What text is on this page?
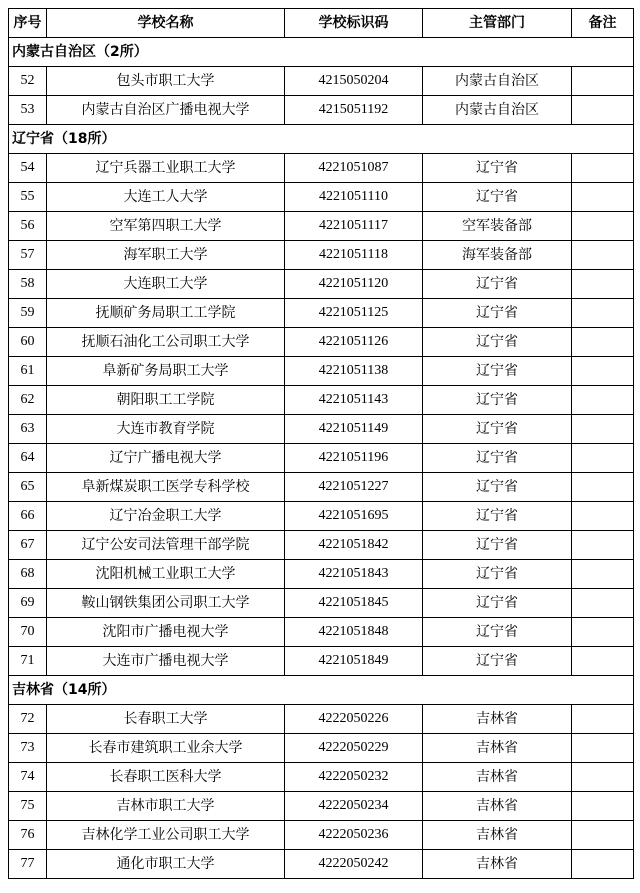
序号	学校名称	学校标识码	主管部门	备注
内蒙古自治区（2所）				
52	包头市职工大学	4215050204	内蒙古自治区	
53	内蒙古自治区广播电视大学	4215051192	内蒙古自治区	
辽宁省（18所）				
54	辽宁兵器工业职工大学	4221051087	辽宁省	
55	大连工人大学	4221051110	辽宁省	
56	空军第四职工大学	4221051117	空军装备部	
57	海军职工大学	4221051118	海军装备部	
58	大连职工大学	4221051120	辽宁省	
59	抚顺矿务局职工工学院	4221051125	辽宁省	
60	抚顺石油化工公司职工大学	4221051126	辽宁省	
61	阜新矿务局职工大学	4221051138	辽宁省	
62	朝阳职工工学院	4221051143	辽宁省	
63	大连市教育学院	4221051149	辽宁省	
64	辽宁广播电视大学	4221051196	辽宁省	
65	阜新煤炭职工医学专科学校	4221051227	辽宁省	
66	辽宁冶金职工大学	4221051695	辽宁省	
67	辽宁公安司法管理干部学院	4221051842	辽宁省	
68	沈阳机械工业职工大学	4221051843	辽宁省	
69	鞍山钢铁集团公司职工大学	4221051845	辽宁省	
70	沈阳市广播电视大学	4221051848	辽宁省	
71	大连市广播电视大学	4221051849	辽宁省	
吉林省（14所）				
72	长春职工大学	4222050226	吉林省	
73	长春市建筑职工业余大学	4222050229	吉林省	
74	长春职工医科大学	4222050232	吉林省	
75	吉林市职工大学	4222050234	吉林省	
76	吉林化学工业公司职工大学	4222050236	吉林省	
77	通化市职工大学	4222050242	吉林省	
